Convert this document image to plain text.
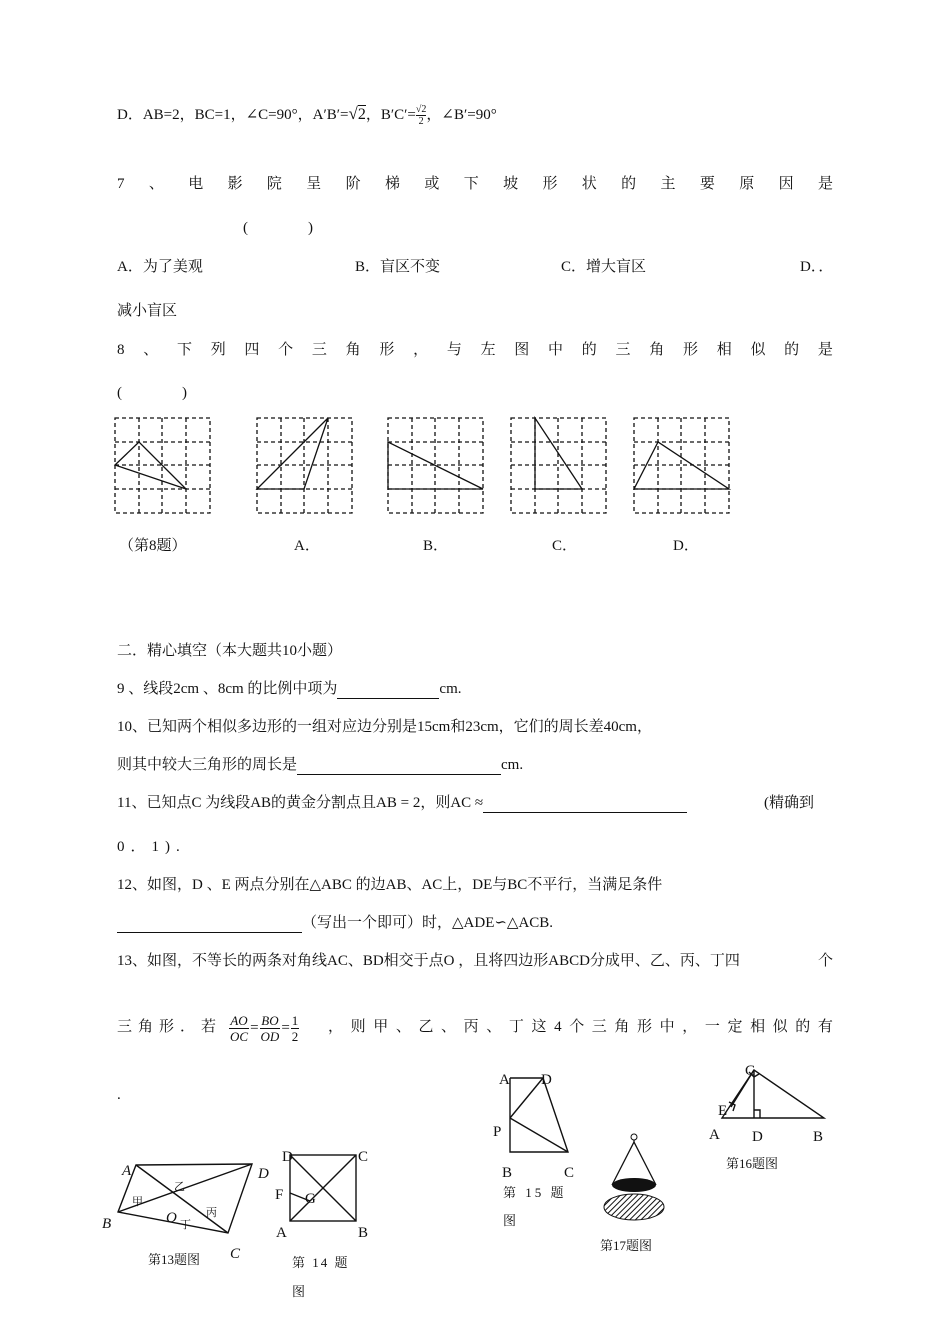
D．AB=2，BC=1，∠C=90°，A′B′=√2，$B'C'= \frac{√2}{2}$，∠B′=90°
7 、 电 影 院 呈 阶 梯 或 下 坡 形 状 的 主 要 原 因 是
(　　　　)
A．为了美观	B．盲区不变	C．增大盲区	D．．
减小盲区
8 、 下 列 四 个 三 角 形 ， 与 左 图 中 的 三 角 形 相 似 的 是
(　　　　)
（第8题）	A．	B．	C．	D．
二．精心填空（本大题共10小题）
9 、线段2cm 、8cm 的比例中项为	cm.
10、已知两个相似多边形的一组对应边分别是15cm和23cm，它们的周长差40cm，
则其中较大三角形的周长是	cm.
11、已知点C 为线段AB的黄金分割点且AB = 2，则AC ≈	(精确到
0．1).
12、如图，D 、E 两点分别在△ABC 的边AB、AC上，DE与BC不平行，当满足条件
（写出一个即可）时，△ADE∽△ACB.
13、如图，不等长的两条对角线AC、BD相交于点O ，且将四边形ABCD分成甲、乙、丙、丁四	个
三角形．若 $\frac{AO}{OC} = \frac{BO}{OD} = \frac{1}{2}$ ， 则 甲 、 乙 、 丙 、 丁 这 4 个 三 角 形 中 ， 一 定 相 似 的 有
.
A	D
B
C
O
甲
乙
丙
丁
第13题图
D	C
F G
A	B
第 14 题
图
A D
P
B	C
第 15 题
图
C
E
A D	B
第16题图
第17题图
